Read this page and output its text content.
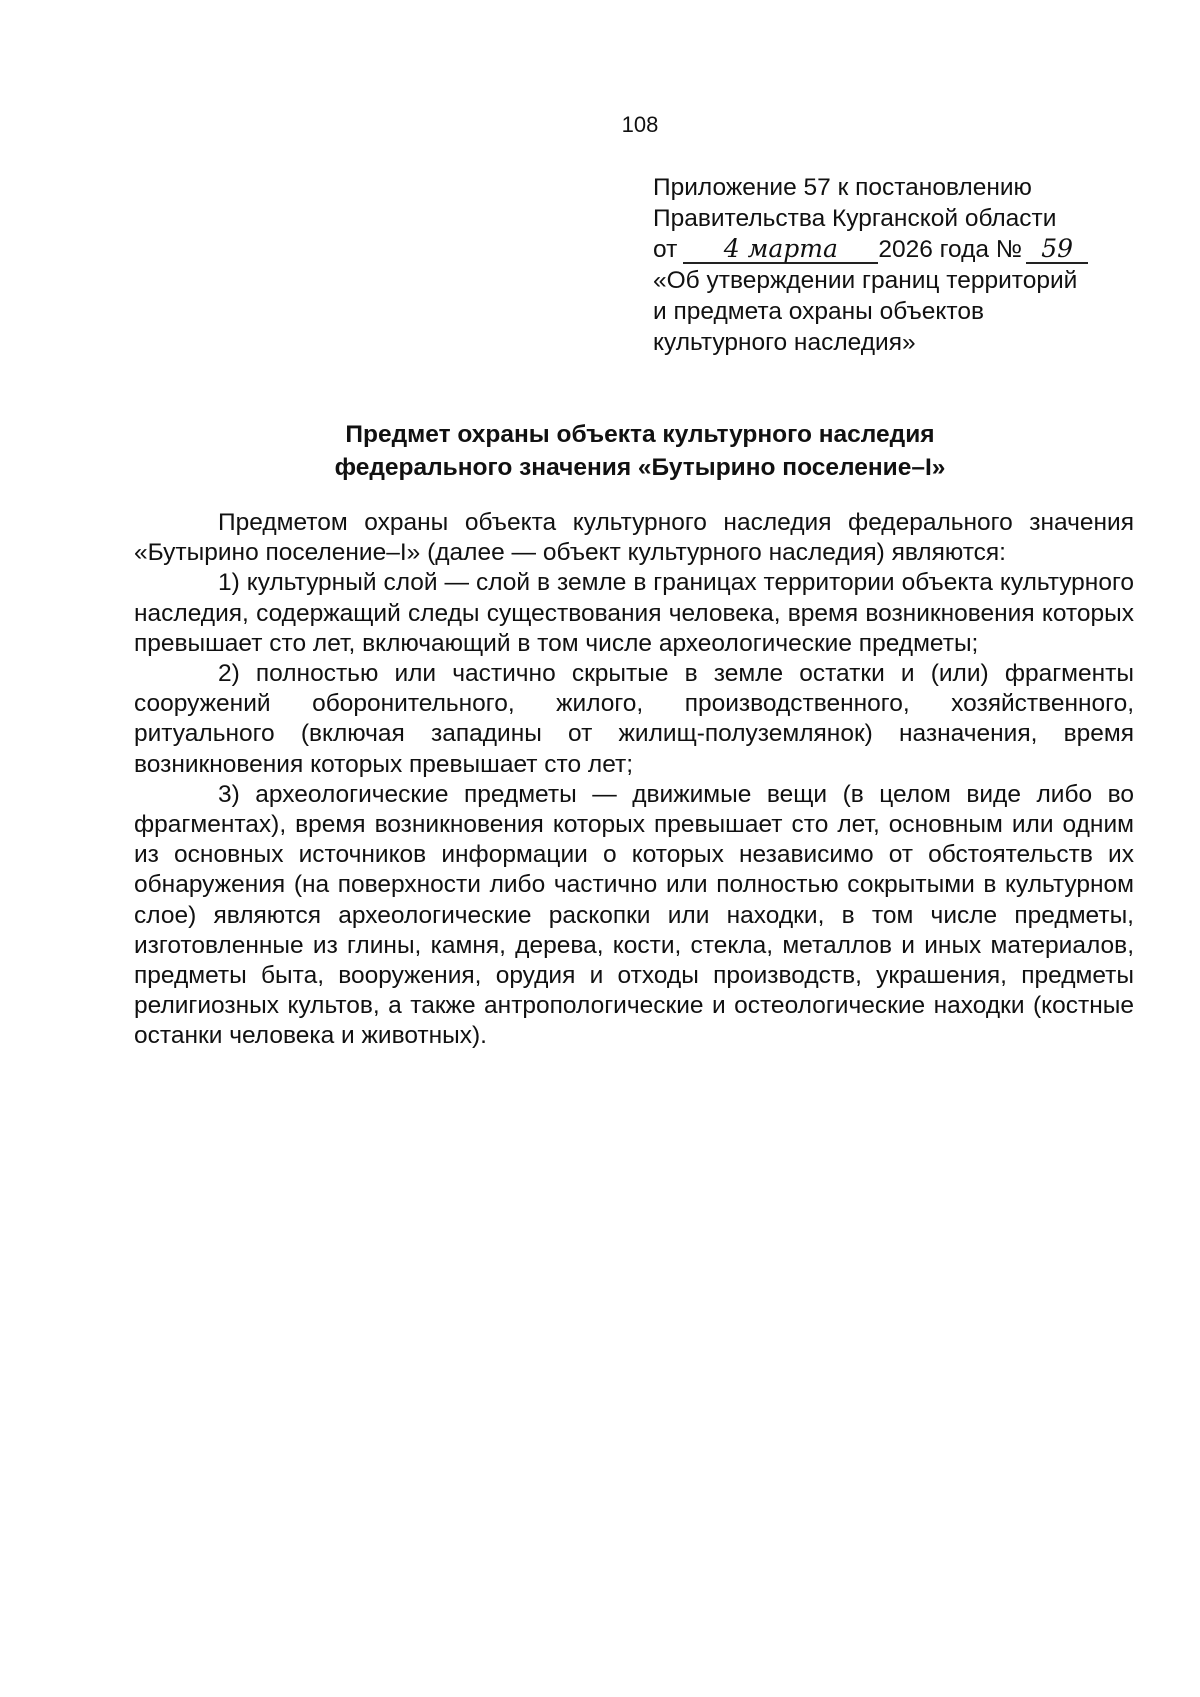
108
Приложение 57 к постановлению
Правительства Курганской области
от 4 марта 2026 года № 59
«Об утверждении границ территорий
и предмета охраны объектов
культурного наследия»
Предмет охраны объекта культурного наследия
федерального значения «Бутырино поселение–I»

Предметом охраны объекта культурного наследия федерального значения «Бутырино поселение–I» (далее — объект культурного наследия) являются:

1) культурный слой — слой в земле в границах территории объекта культурного наследия, содержащий следы существования человека, время возникновения которых превышает сто лет, включающий в том числе археологические предметы;

2) полностью или частично скрытые в земле остатки и (или) фрагменты сооружений оборонительного, жилого, производственного, хозяйственного, ритуального (включая западины от жилищ-полуземлянок) назначения, время возникновения которых превышает сто лет;

3) археологические предметы — движимые вещи (в целом виде либо во фрагментах), время возникновения которых превышает сто лет, основным или одним из основных источников информации о которых независимо от обстоятельств их обнаружения (на поверхности либо частично или полностью сокрытыми в культурном слое) являются археологические раскопки или находки, в том числе предметы, изготовленные из глины, камня, дерева, кости, стекла, металлов и иных материалов, предметы быта, вооружения, орудия и отходы производств, украшения, предметы религиозных культов, а также антропологические и остеологические находки (костные останки человека и животных).
